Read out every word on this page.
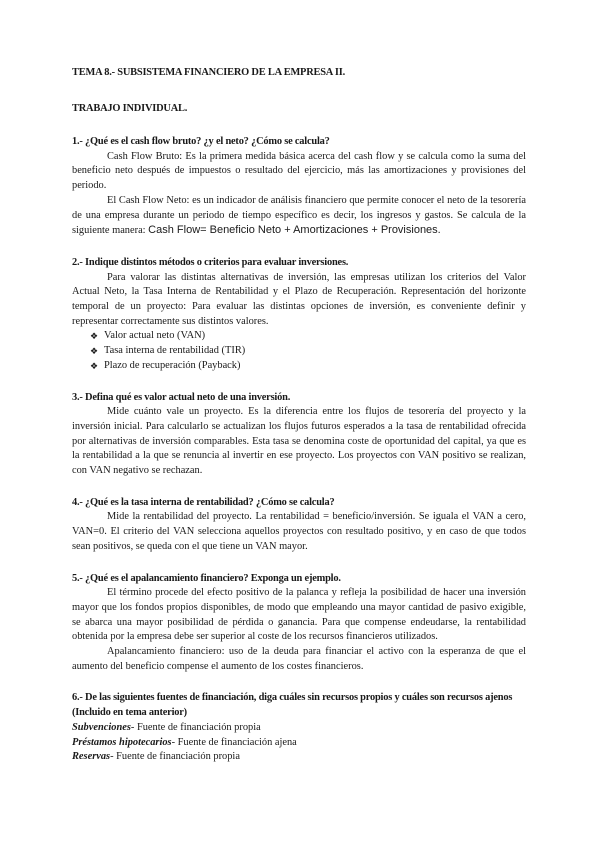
TEMA 8.- SUBSISTEMA FINANCIERO DE LA EMPRESA II.
TRABAJO INDIVIDUAL.
1.- ¿Qué es el cash flow bruto? ¿y el neto? ¿Cómo se calcula?

Cash Flow Bruto: Es la primera medida básica acerca del cash flow y se calcula como la suma del beneficio neto después de impuestos o resultado del ejercicio, más las amortizaciones y provisiones del periodo.

El Cash Flow Neto: es un indicador de análisis financiero que permite conocer el neto de la tesorería de una empresa durante un periodo de tiempo específico es decir, los ingresos y gastos. Se calcula de la siguiente manera: Cash Flow= Beneficio Neto + Amortizaciones + Provisiones.

2.- Indique distintos métodos o criterios para evaluar inversiones.

Para valorar las distintas alternativas de inversión, las empresas utilizan los criterios del Valor Actual Neto, la Tasa Interna de Rentabilidad y el Plazo de Recuperación. Representación del horizonte temporal de un proyecto: Para evaluar las distintas opciones de inversión, es conveniente definir y representar correctamente sus distintos valores.

❖ Valor actual neto (VAN)
❖ Tasa interna de rentabilidad (TIR)
❖ Plazo de recuperación (Payback)
3.- Defina qué es valor actual neto de una inversión.

Mide cuánto vale un proyecto. Es la diferencia entre los flujos de tesorería del proyecto y la inversión inicial. Para calcularlo se actualizan los flujos futuros esperados a la tasa de rentabilidad ofrecida por alternativas de inversión comparables. Esta tasa se denomina coste de oportunidad del capital, ya que es la rentabilidad a la que se renuncia al invertir en ese proyecto. Los proyectos con VAN positivo se realizan, con VAN negativo se rechazan.

4.- ¿Qué es la tasa interna de rentabilidad? ¿Cómo se calcula?

Mide la rentabilidad del proyecto. La rentabilidad = beneficio/inversión. Se iguala el VAN a cero, VAN=0. El criterio del VAN selecciona aquellos proyectos con resultado positivo, y en caso de que todos sean positivos, se queda con el que tiene un VAN mayor.

5.- ¿Qué es el apalancamiento financiero? Exponga un ejemplo.

El término procede del efecto positivo de la palanca y refleja la posibilidad de hacer una inversión mayor que los fondos propios disponibles, de modo que empleando una mayor cantidad de pasivo exigible, se abarca una mayor posibilidad de pérdida o ganancia. Para que compense endeudarse, la rentabilidad obtenida por la empresa debe ser superior al coste de los recursos financieros utilizados.

Apalancamiento financiero: uso de la deuda para financiar el activo con la esperanza de que el aumento del beneficio compense el aumento de los costes financieros.

6.- De las siguientes fuentes de financiación, diga cuáles sin recursos propios y cuáles son recursos ajenos (Incluido en tema anterior)
Subvenciones- Fuente de financiación propia
Préstamos hipotecarios- Fuente de financiación ajena
Reservas- Fuente de financiación propia
